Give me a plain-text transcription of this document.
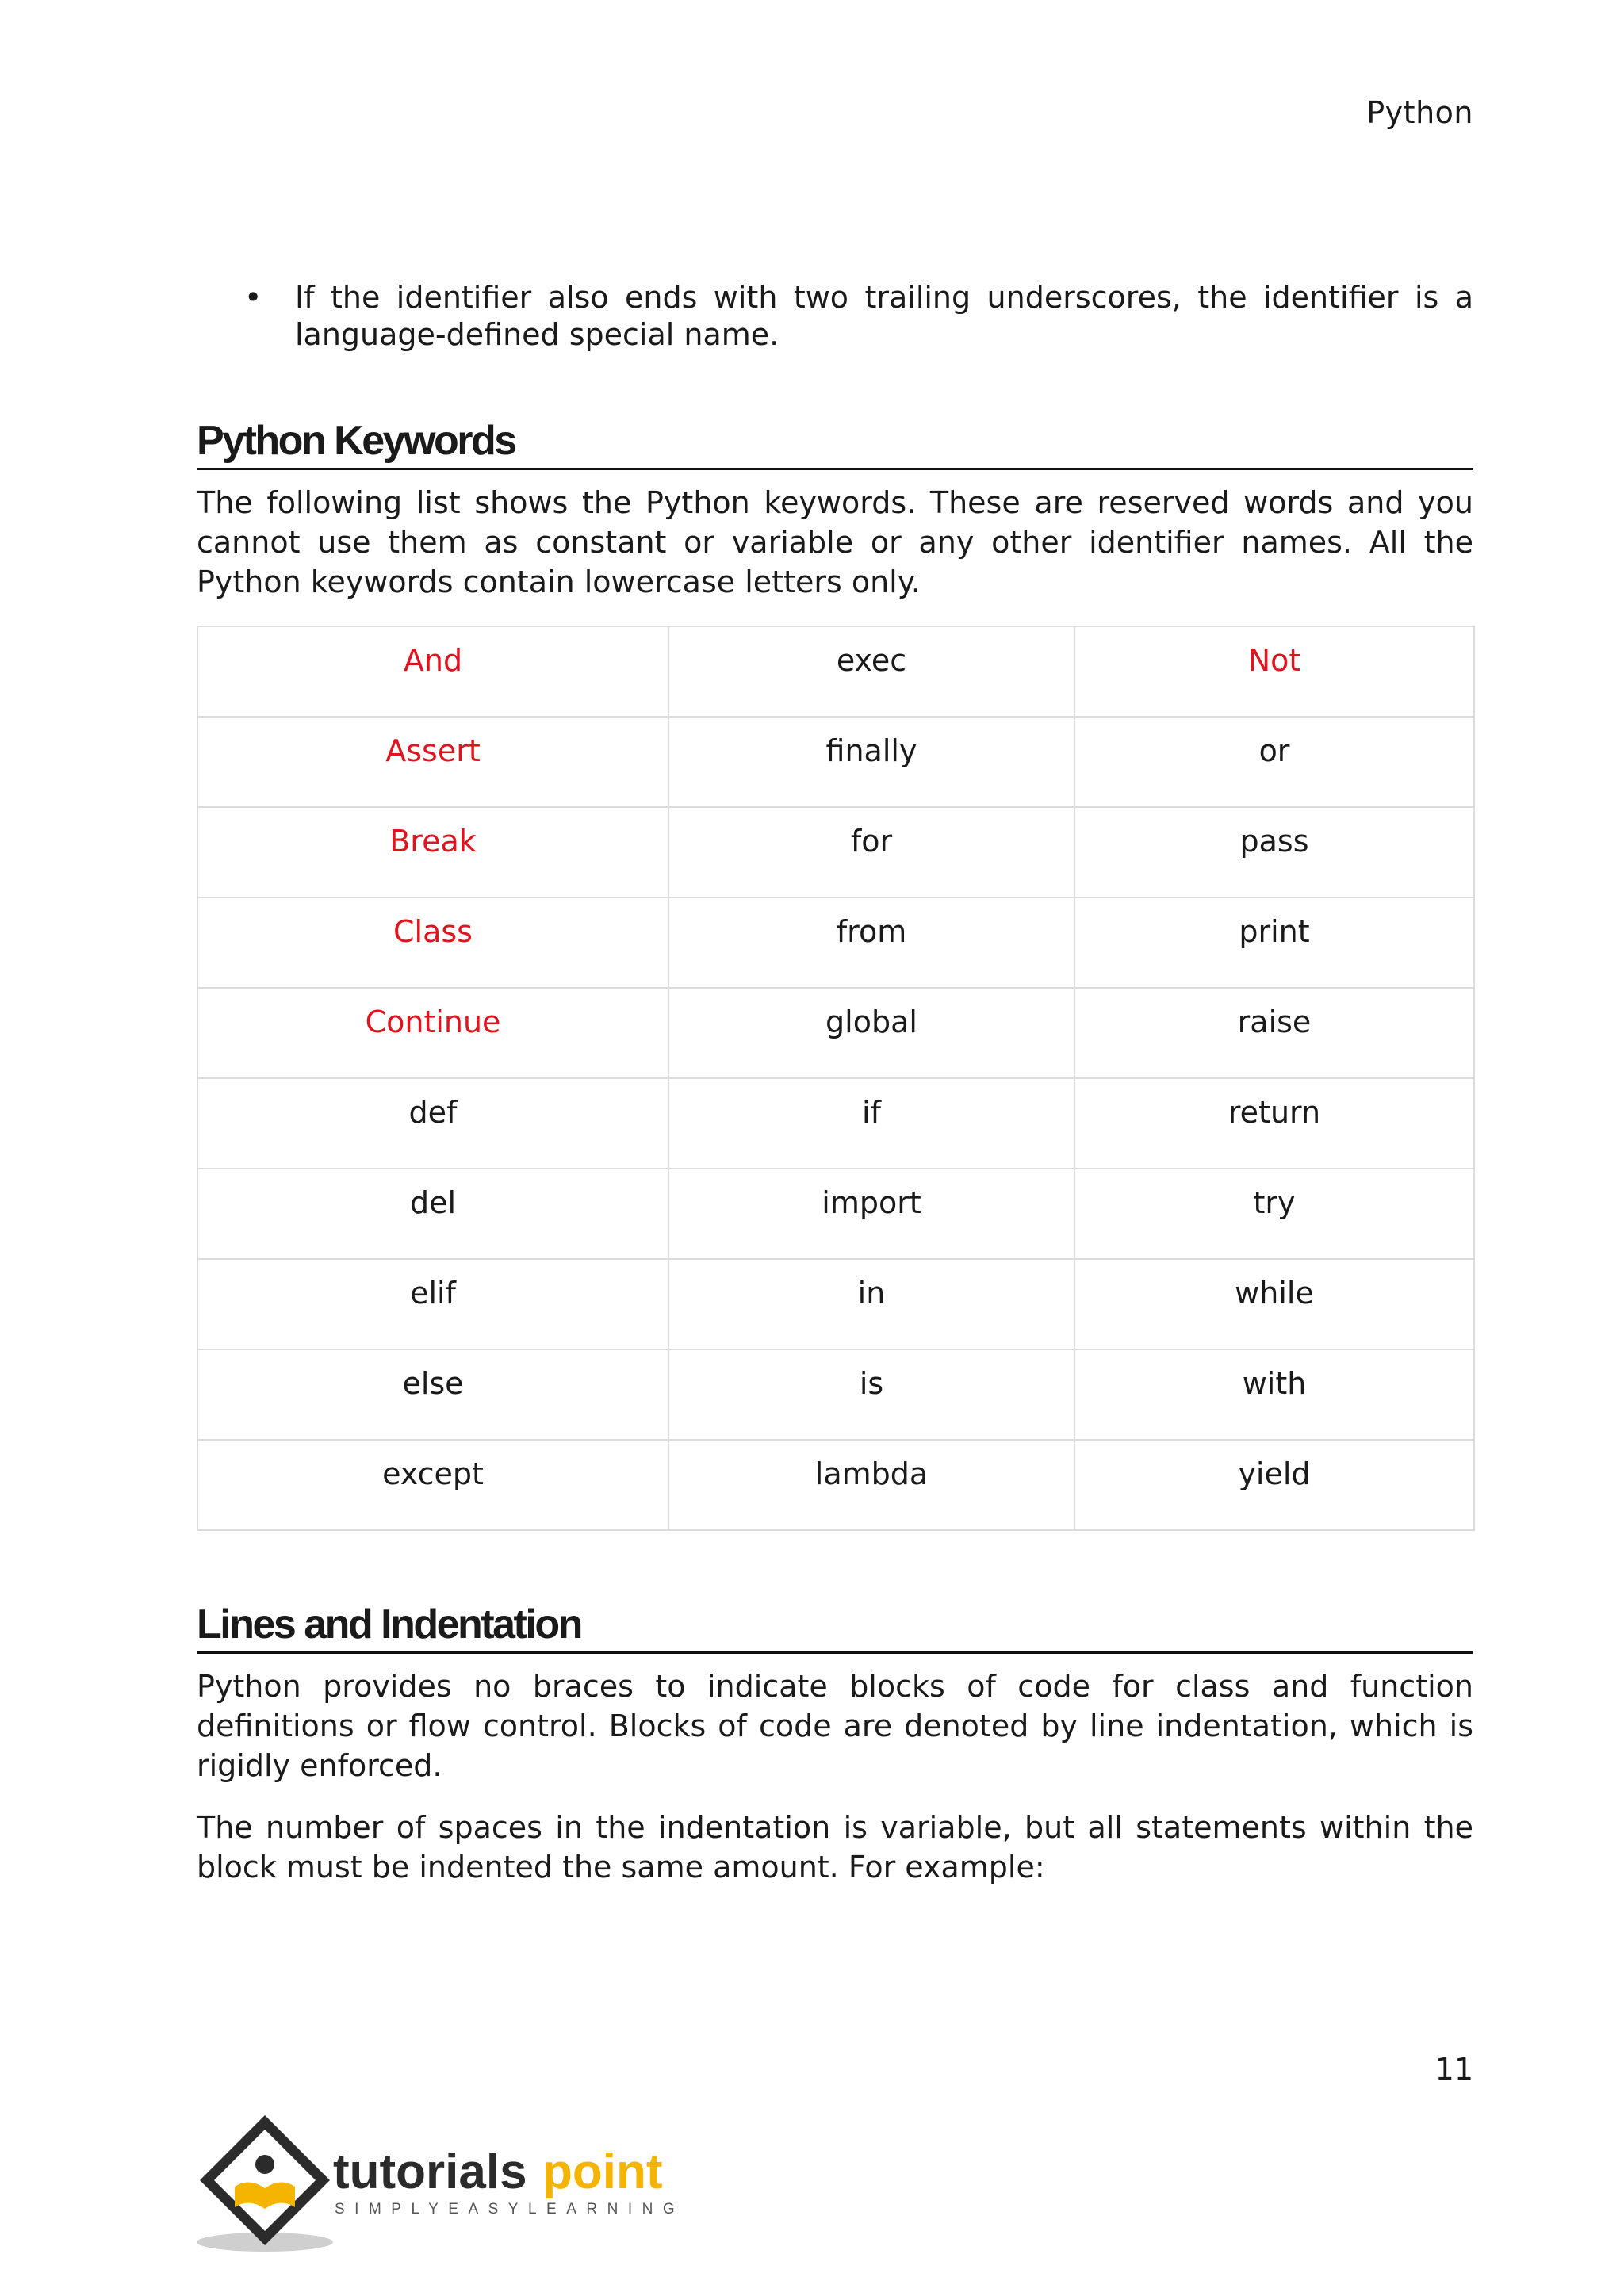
Python
•	If the identifier also ends with two trailing underscores, the identifier is a language-defined special name.
Python Keywords

The following list shows the Python keywords. These are reserved words and you cannot use them as constant or variable or any other identifier names. All the Python keywords contain lowercase letters only.

And	exec	Not
Assert	finally	or
Break	for	pass
Class	from	print
Continue	global	raise
def	if	return
del	import	try
elif	in	while
else	is	with
except	lambda	yield
Lines and Indentation

Python provides no braces to indicate blocks of code for class and function definitions or flow control. Blocks of code are denoted by line indentation, which is rigidly enforced.

The number of spaces in the indentation is variable, but all statements within the block must be indented the same amount. For example:

11
tutorials point
SIMPLYEASYLEARNING
